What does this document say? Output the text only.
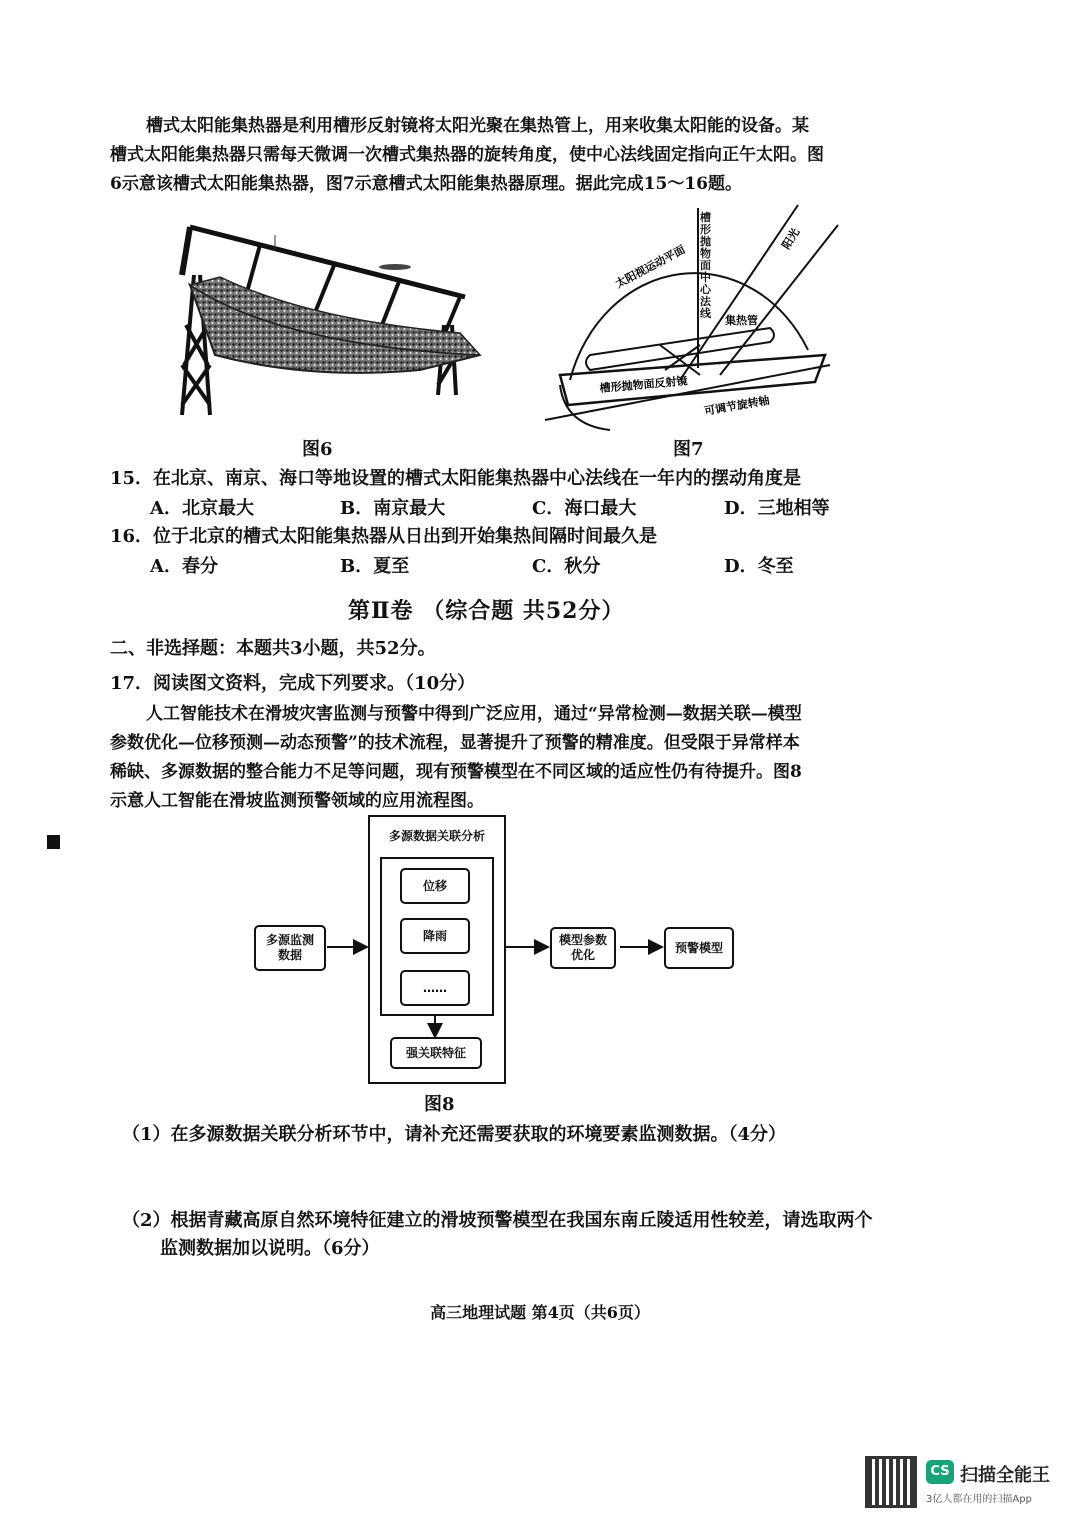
槽式太阳能集热器是利用槽形反射镜将太阳光聚在集热管上，用来收集太阳能的设备。某
槽式太阳能集热器只需每天微调一次槽式集热器的旋转角度，使中心法线固定指向正午太阳。图
6示意该槽式太阳能集热器，图7示意槽式太阳能集热器原理。据此完成15～16题。
图6
太阳视运动平面
阳光
集热管
槽形抛物面反射镜
可调节旋转轴
槽形抛物面中心法线
图7
15．在北京、南京、海口等地设置的槽式太阳能集热器中心法线在一年内的摆动角度是
A．北京最大	B．南京最大	C．海口最大	D．三地相等
16．位于北京的槽式太阳能集热器从日出到开始集热间隔时间最久是
A．春分	B．夏至	C．秋分	D．冬至
第Ⅱ卷 （综合题 共52分）
二、非选择题：本题共3小题，共52分。
17．阅读图文资料，完成下列要求。（10分）
人工智能技术在滑坡灾害监测与预警中得到广泛应用，通过“异常检测—数据关联—模型
参数优化—位移预测—动态预警”的技术流程，显著提升了预警的精准度。但受限于异常样本
稀缺、多源数据的整合能力不足等问题，现有预警模型在不同区域的适应性仍有待提升。图8
示意人工智能在滑坡监测预警领域的应用流程图。
多源数据关联分析
位移
降雨
……
强关联特征
多源监测
数据
模型参数
优化
预警模型
图8
（1）在多源数据关联分析环节中，请补充还需要获取的环境要素监测数据。（4分）
（2）根据青藏高原自然环境特征建立的滑坡预警模型在我国东南丘陵适用性较差，请选取两个
监测数据加以说明。（6分）
高三地理试题 第4页（共6页）
CS 扫描全能王
3亿人都在用的扫描App
